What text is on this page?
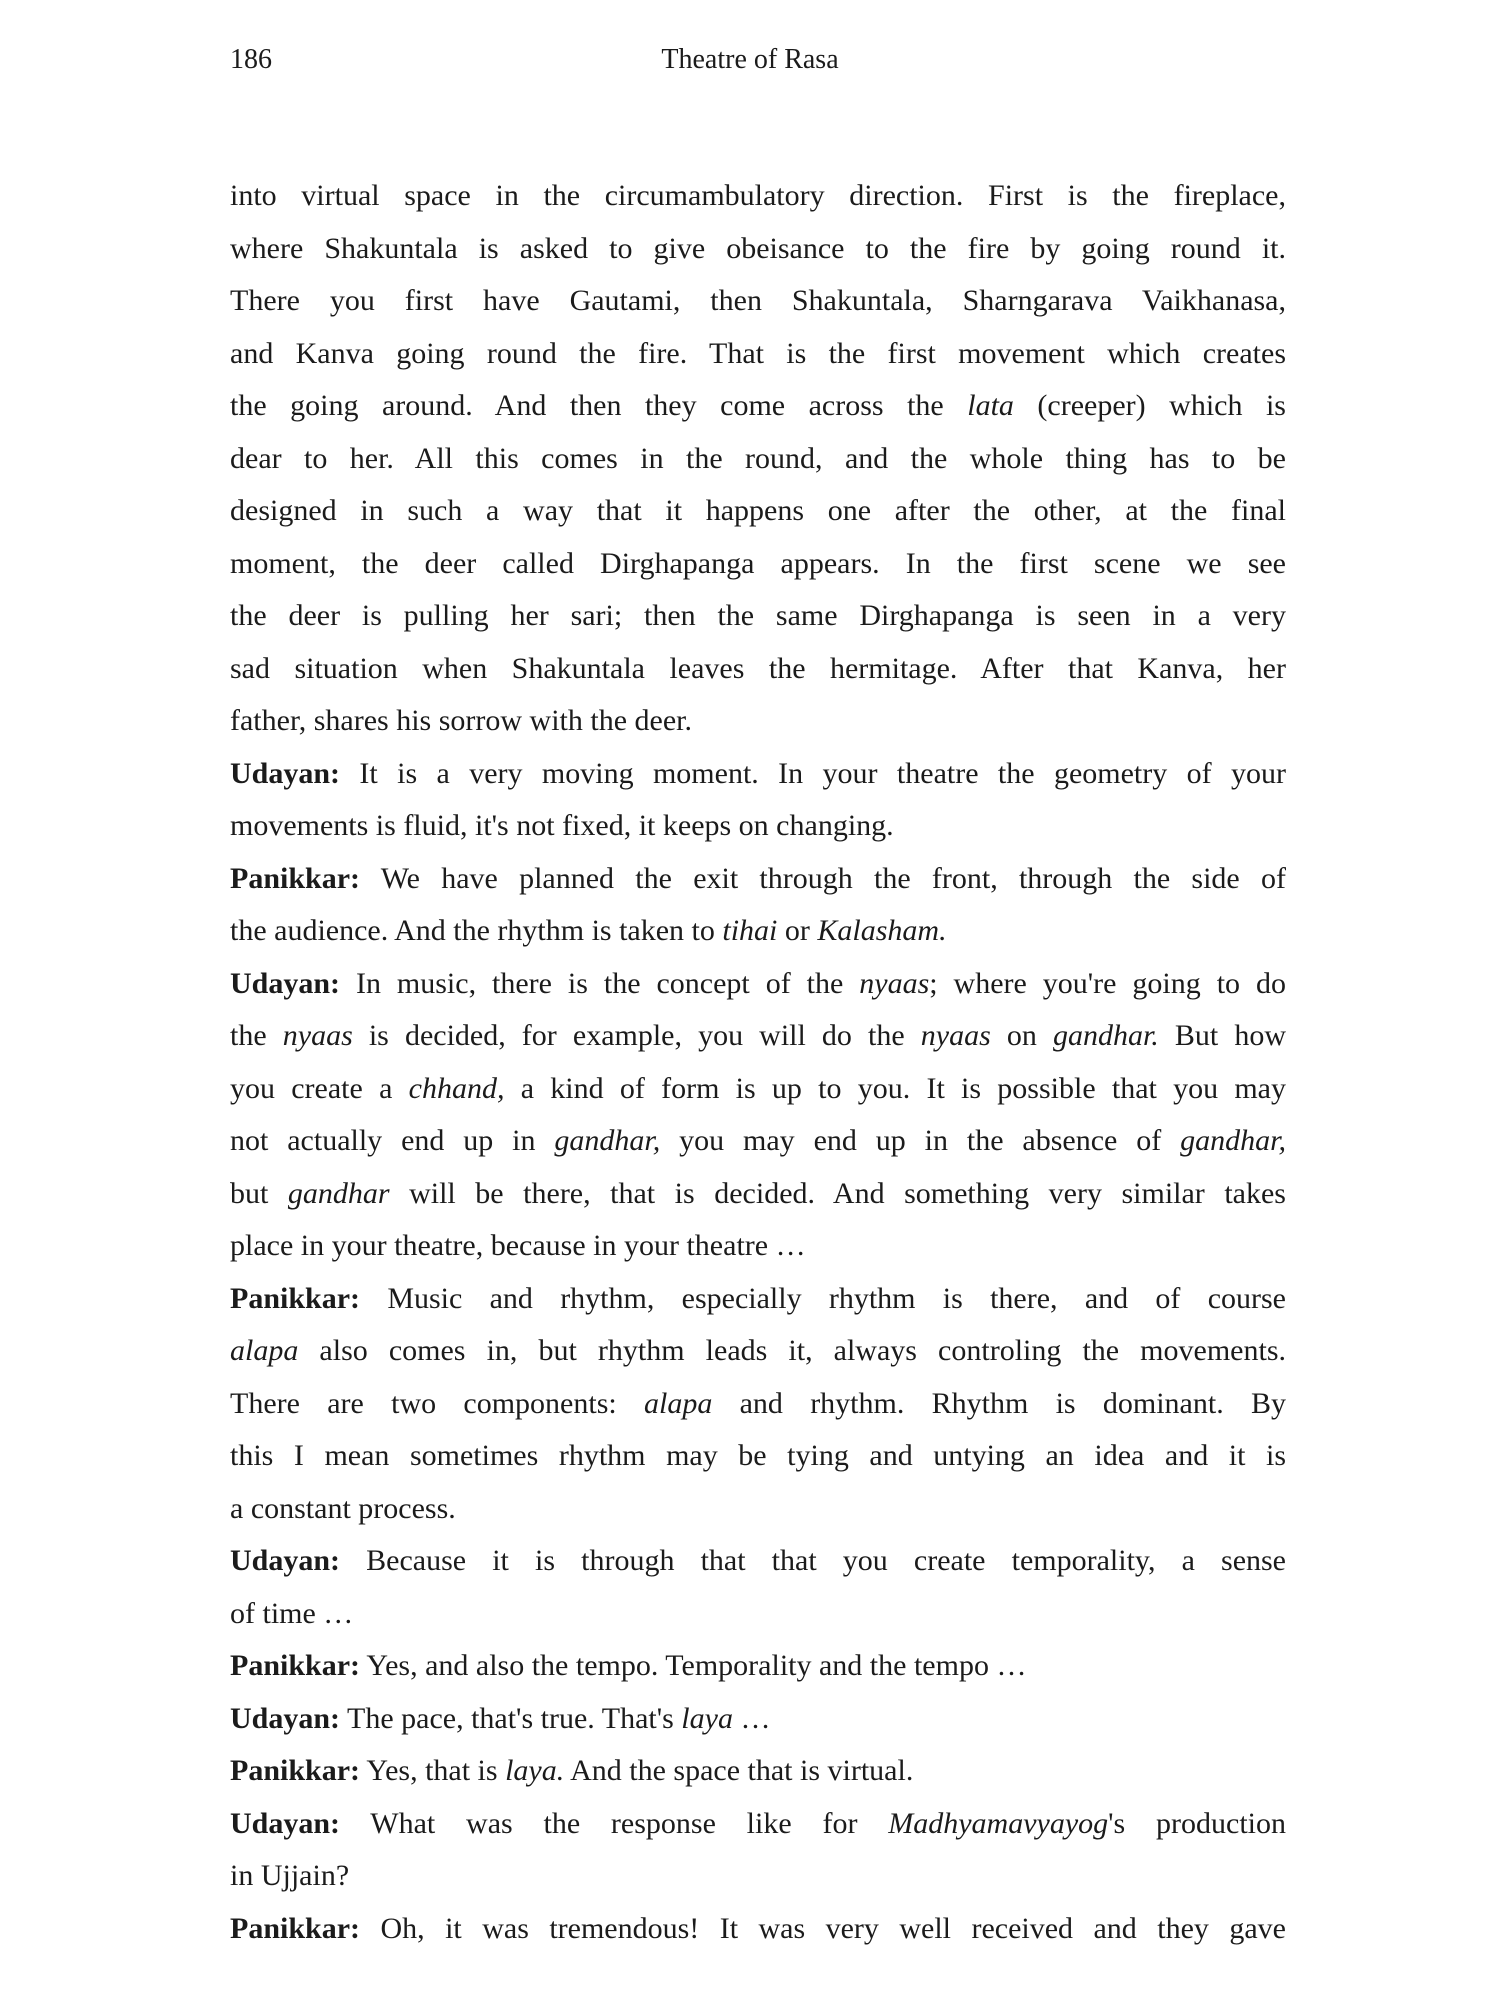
186	Theatre of Rasa
into virtual space in the circumambulatory direction. First is the fireplace,
where Shakuntala is asked to give obeisance to the fire by going round it.
There you first have Gautami, then Shakuntala, Sharngarava Vaikhanasa,
and Kanva going round the fire. That is the first movement which creates
the going around. And then they come across the lata (creeper) which is
dear to her. All this comes in the round, and the whole thing has to be
designed in such a way that it happens one after the other, at the final
moment, the deer called Dirghapanga appears. In the first scene we see
the deer is pulling her sari; then the same Dirghapanga is seen in a very
sad situation when Shakuntala leaves the hermitage. After that Kanva, her
father, shares his sorrow with the deer.
Udayan: It is a very moving moment. In your theatre the geometry of your
movements is fluid, it's not fixed, it keeps on changing.
Panikkar: We have planned the exit through the front, through the side of
the audience. And the rhythm is taken to tihai or Kalasham.
Udayan: In music, there is the concept of the nyaas; where you're going to do
the nyaas is decided, for example, you will do the nyaas on gandhar. But how
you create a chhand, a kind of form is up to you. It is possible that you may
not actually end up in gandhar, you may end up in the absence of gandhar,
but gandhar will be there, that is decided. And something very similar takes
place in your theatre, because in your theatre …
Panikkar: Music and rhythm, especially rhythm is there, and of course
alapa also comes in, but rhythm leads it, always controling the movements.
There are two components: alapa and rhythm. Rhythm is dominant. By
this I mean sometimes rhythm may be tying and untying an idea and it is
a constant process.
Udayan: Because it is through that that you create temporality, a sense
of time …
Panikkar: Yes, and also the tempo. Temporality and the tempo …
Udayan: The pace, that's true. That's laya …
Panikkar: Yes, that is laya. And the space that is virtual.
Udayan: What was the response like for Madhyamavyayog's production
in Ujjain?
Panikkar: Oh, it was tremendous! It was very well received and they gave
